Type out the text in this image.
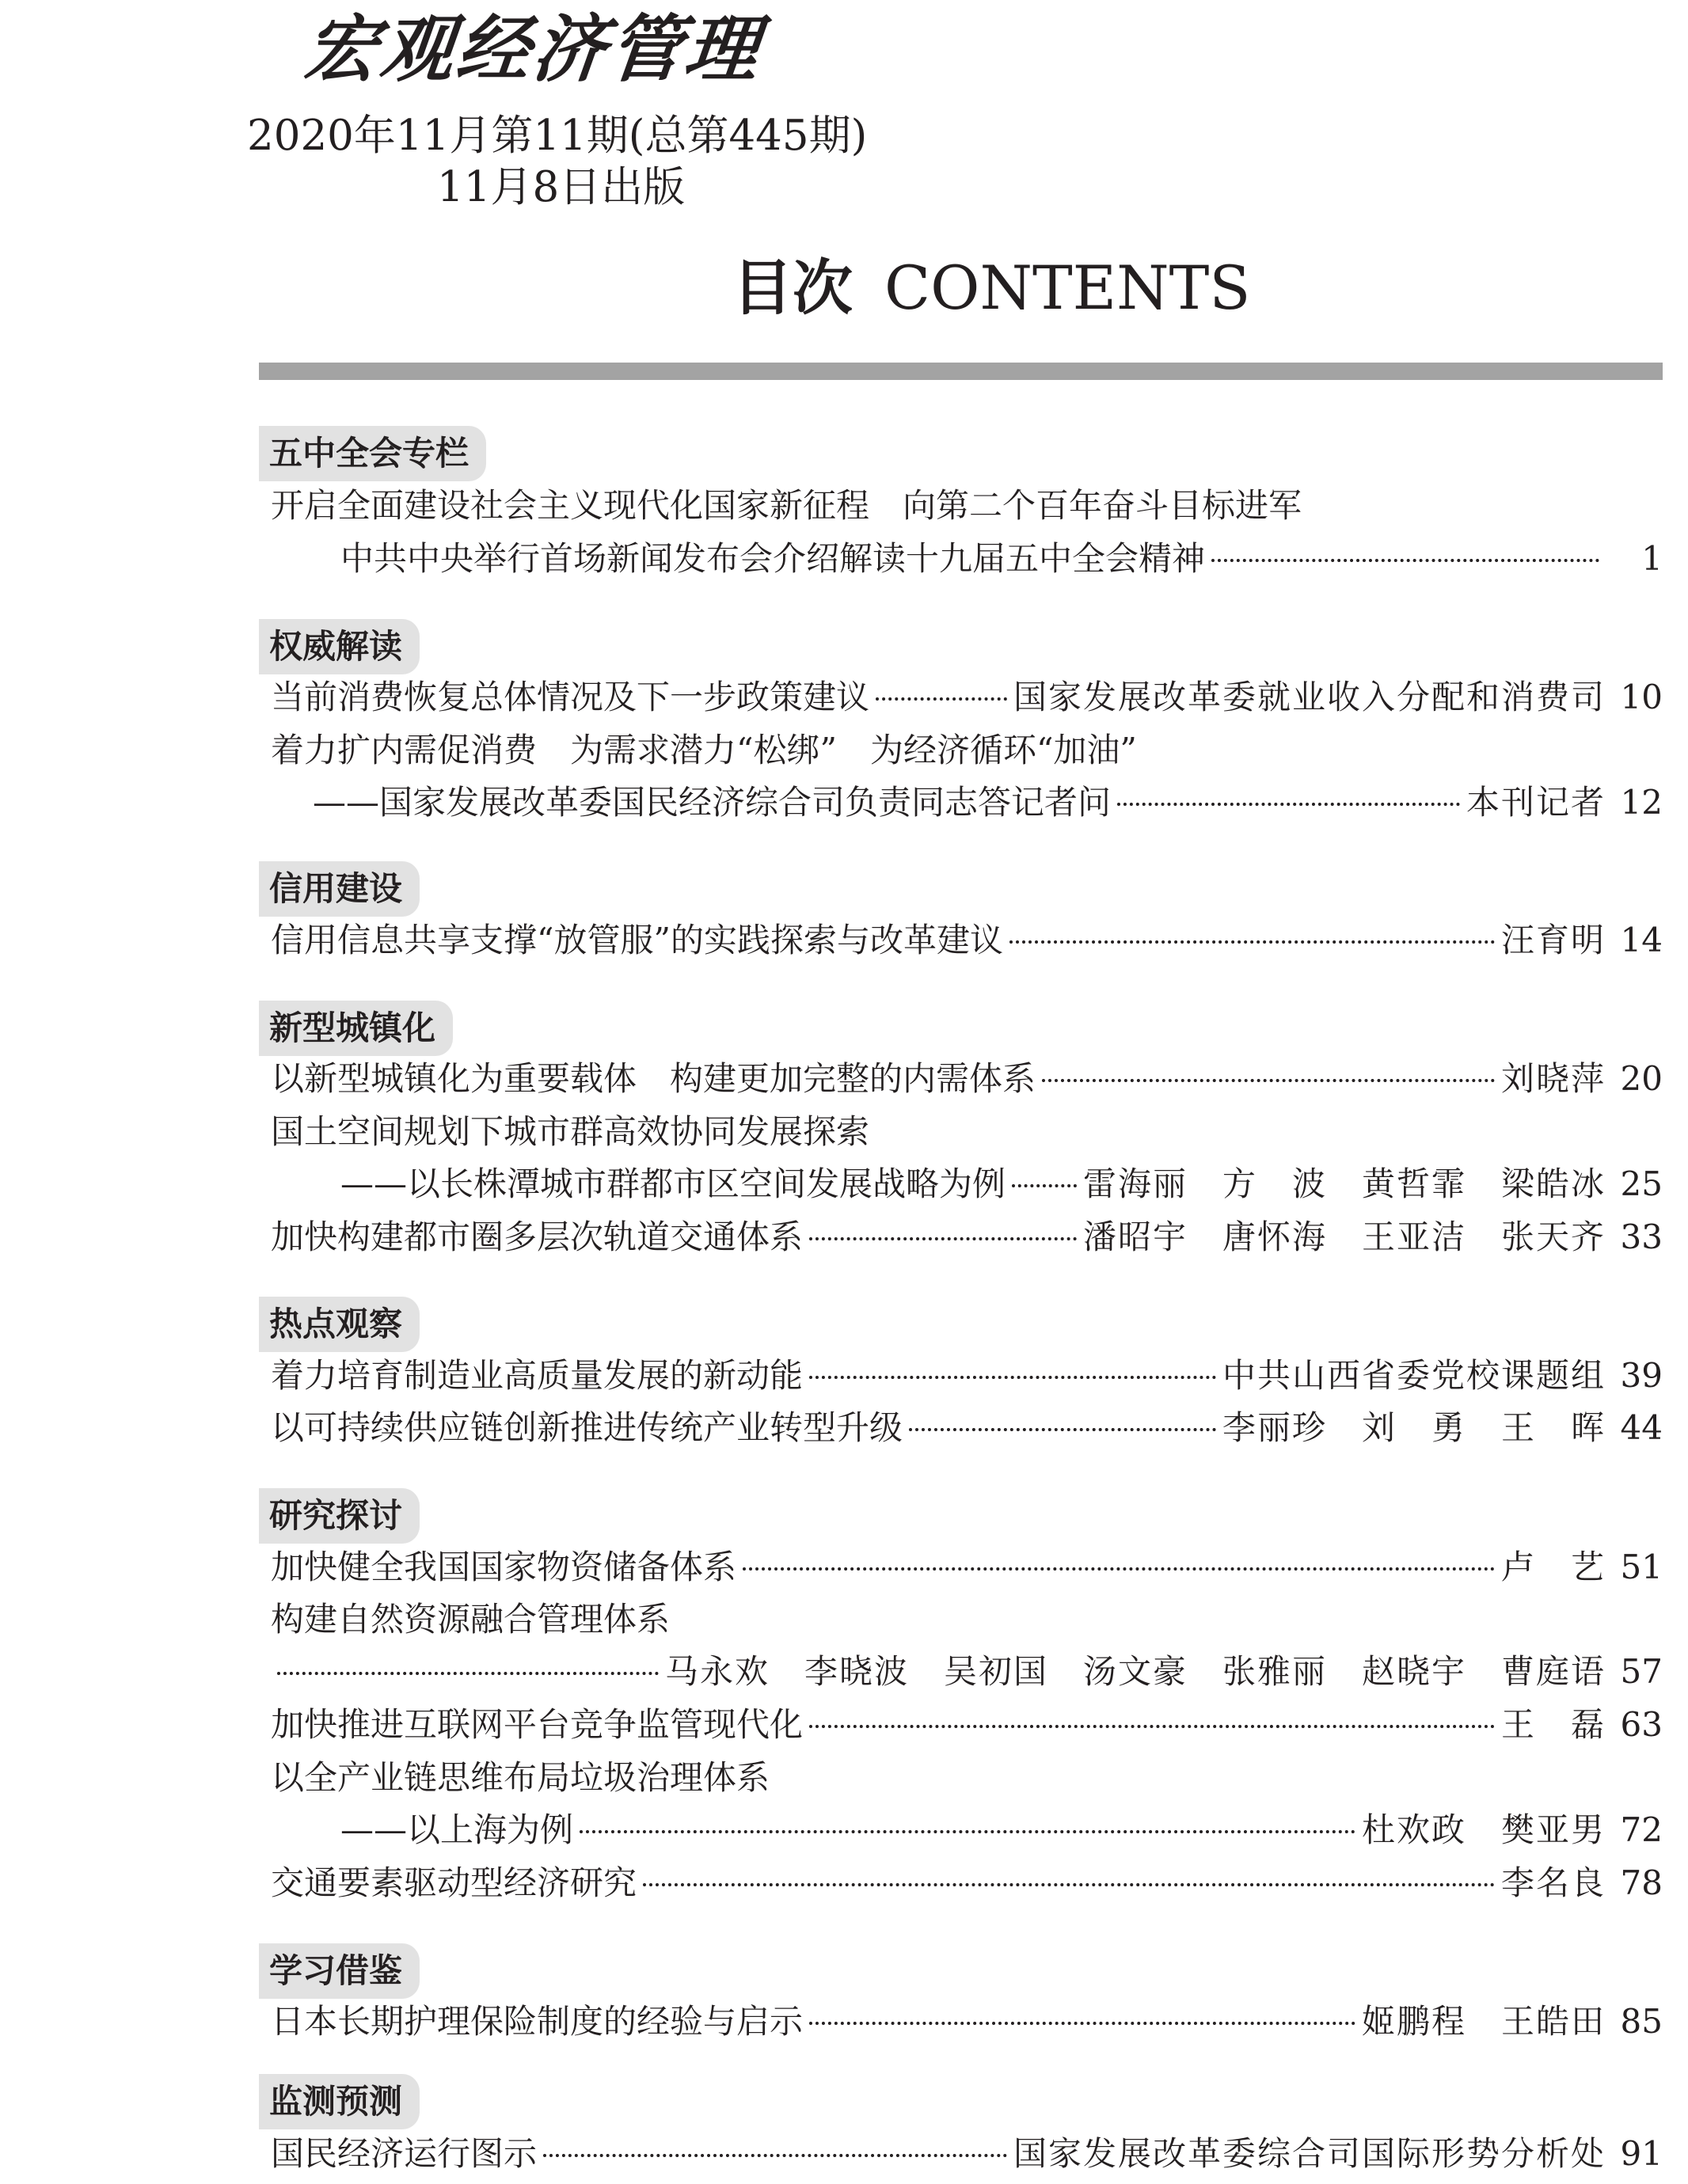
宏观经济管理
2020年11月第11期(总第445期)
11月8日出版
目次 CONTENTS
五中全会专栏
开启全面建设社会主义现代化国家新征程　向第二个百年奋斗目标进军
中共中央举行首场新闻发布会介绍解读十九届五中全会精神	1
权威解读
当前消费恢复总体情况及下一步政策建议	国家发展改革委就业收入分配和消费司 10
着力扩内需促消费　为需求潜力“松绑”　为经济循环“加油”
——国家发展改革委国民经济综合司负责同志答记者问	本刊记者 12
信用建设
信用信息共享支撑“放管服”的实践探索与改革建议	汪育明 14
新型城镇化
以新型城镇化为重要载体　构建更加完整的内需体系	刘晓萍 20
国土空间规划下城市群高效协同发展探索
——以长株潭城市群都市区空间发展战略为例 雷海丽　方　波　黄哲霏　梁皓冰 25
加快构建都市圈多层次轨道交通体系	潘昭宇　唐怀海　王亚洁　张天齐 33
热点观察
着力培育制造业高质量发展的新动能	中共山西省委党校课题组 39
以可持续供应链创新推进传统产业转型升级	李丽珍　刘　勇　王　晖 44
研究探讨
加快健全我国国家物资储备体系	卢　艺 51
构建自然资源融合管理体系
马永欢　李晓波　吴初国　汤文豪　张雅丽　赵晓宇　曹庭语 57
加快推进互联网平台竞争监管现代化	王　磊 63
以全产业链思维布局垃圾治理体系
——以上海为例	杜欢政　樊亚男 72
交通要素驱动型经济研究	李名良 78
学习借鉴
日本长期护理保险制度的经验与启示	姬鹏程　王皓田 85
监测预测
国民经济运行图示	国家发展改革委综合司国际形势分析处 91
